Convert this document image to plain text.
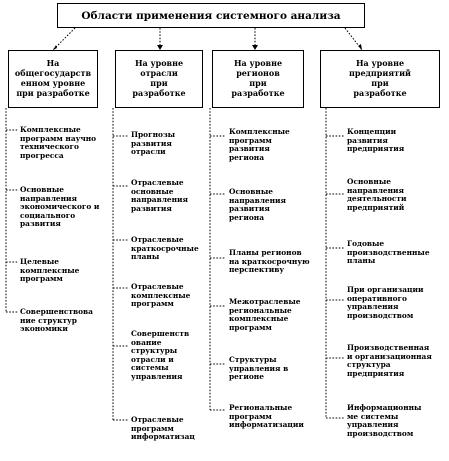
Области применения системного анализа
На
общегосударств
енном уровне
при разработке
На уровне
отрасли
при
разработке
На уровне
регионов
при
разработке
На уровне
предприятий
при
разработке
Комплексные
программ научно
технического
прогресса
Основные
направления
экономического и
социального
развития
Целевые
комплексные
программ
Совершенствова
ние структур
экономики
Прогнозы
развития
отрасли
Отраслевые
основные
направления
развития
Отраслевые
краткосрочные
планы
Отраслевые
комплексные
программ
Совершенств
ование
структуры
отрасли и
системы
управления
Отраслевые
программ
информатизац
Комплексные
программ
развития
региона
Основные
направления
развития
региона
Планы регионов
на краткосрочную
перспективу
Межотраслевые
региональные
комплексные
программ
Структуры
управления в
регионе
Региональные
программ
информатизации
Концепции
развития
предприятия
Основные
направления
деятельности
предприятий
Годовые
производственные
планы
При организации
оперативного
управления
производством
Производственная
и организационная
структура
предприятия
Информационны
ме системы
управления
производством
